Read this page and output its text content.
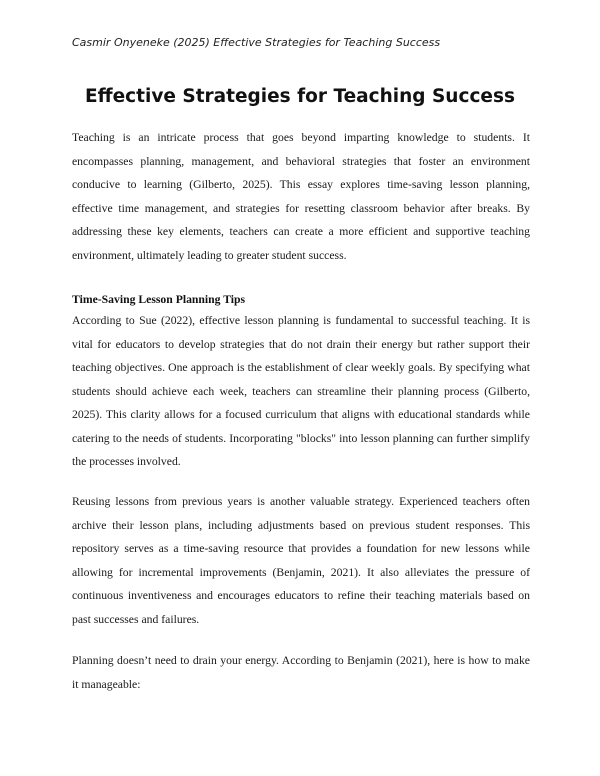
Casmir Onyeneke (2025) Effective Strategies for Teaching Success
Effective Strategies for Teaching Success
Teaching is an intricate process that goes beyond imparting knowledge to students. It
encompasses planning, management, and behavioral strategies that foster an environment
conducive to learning (Gilberto, 2025). This essay explores time-saving lesson planning,
effective time management, and strategies for resetting classroom behavior after breaks. By
addressing these key elements, teachers can create a more efficient and supportive teaching
environment, ultimately leading to greater student success.
Time-Saving Lesson Planning Tips
According to Sue (2022), effective lesson planning is fundamental to successful teaching. It is
vital for educators to develop strategies that do not drain their energy but rather support their
teaching objectives. One approach is the establishment of clear weekly goals. By specifying what
students should achieve each week, teachers can streamline their planning process (Gilberto,
2025). This clarity allows for a focused curriculum that aligns with educational standards while
catering to the needs of students. Incorporating "blocks" into lesson planning can further simplify
the processes involved.
Reusing lessons from previous years is another valuable strategy. Experienced teachers often
archive their lesson plans, including adjustments based on previous student responses. This
repository serves as a time-saving resource that provides a foundation for new lessons while
allowing for incremental improvements (Benjamin, 2021). It also alleviates the pressure of
continuous inventiveness and encourages educators to refine their teaching materials based on
past successes and failures.
Planning doesn’t need to drain your energy. According to Benjamin (2021), here is how to make
it manageable:
